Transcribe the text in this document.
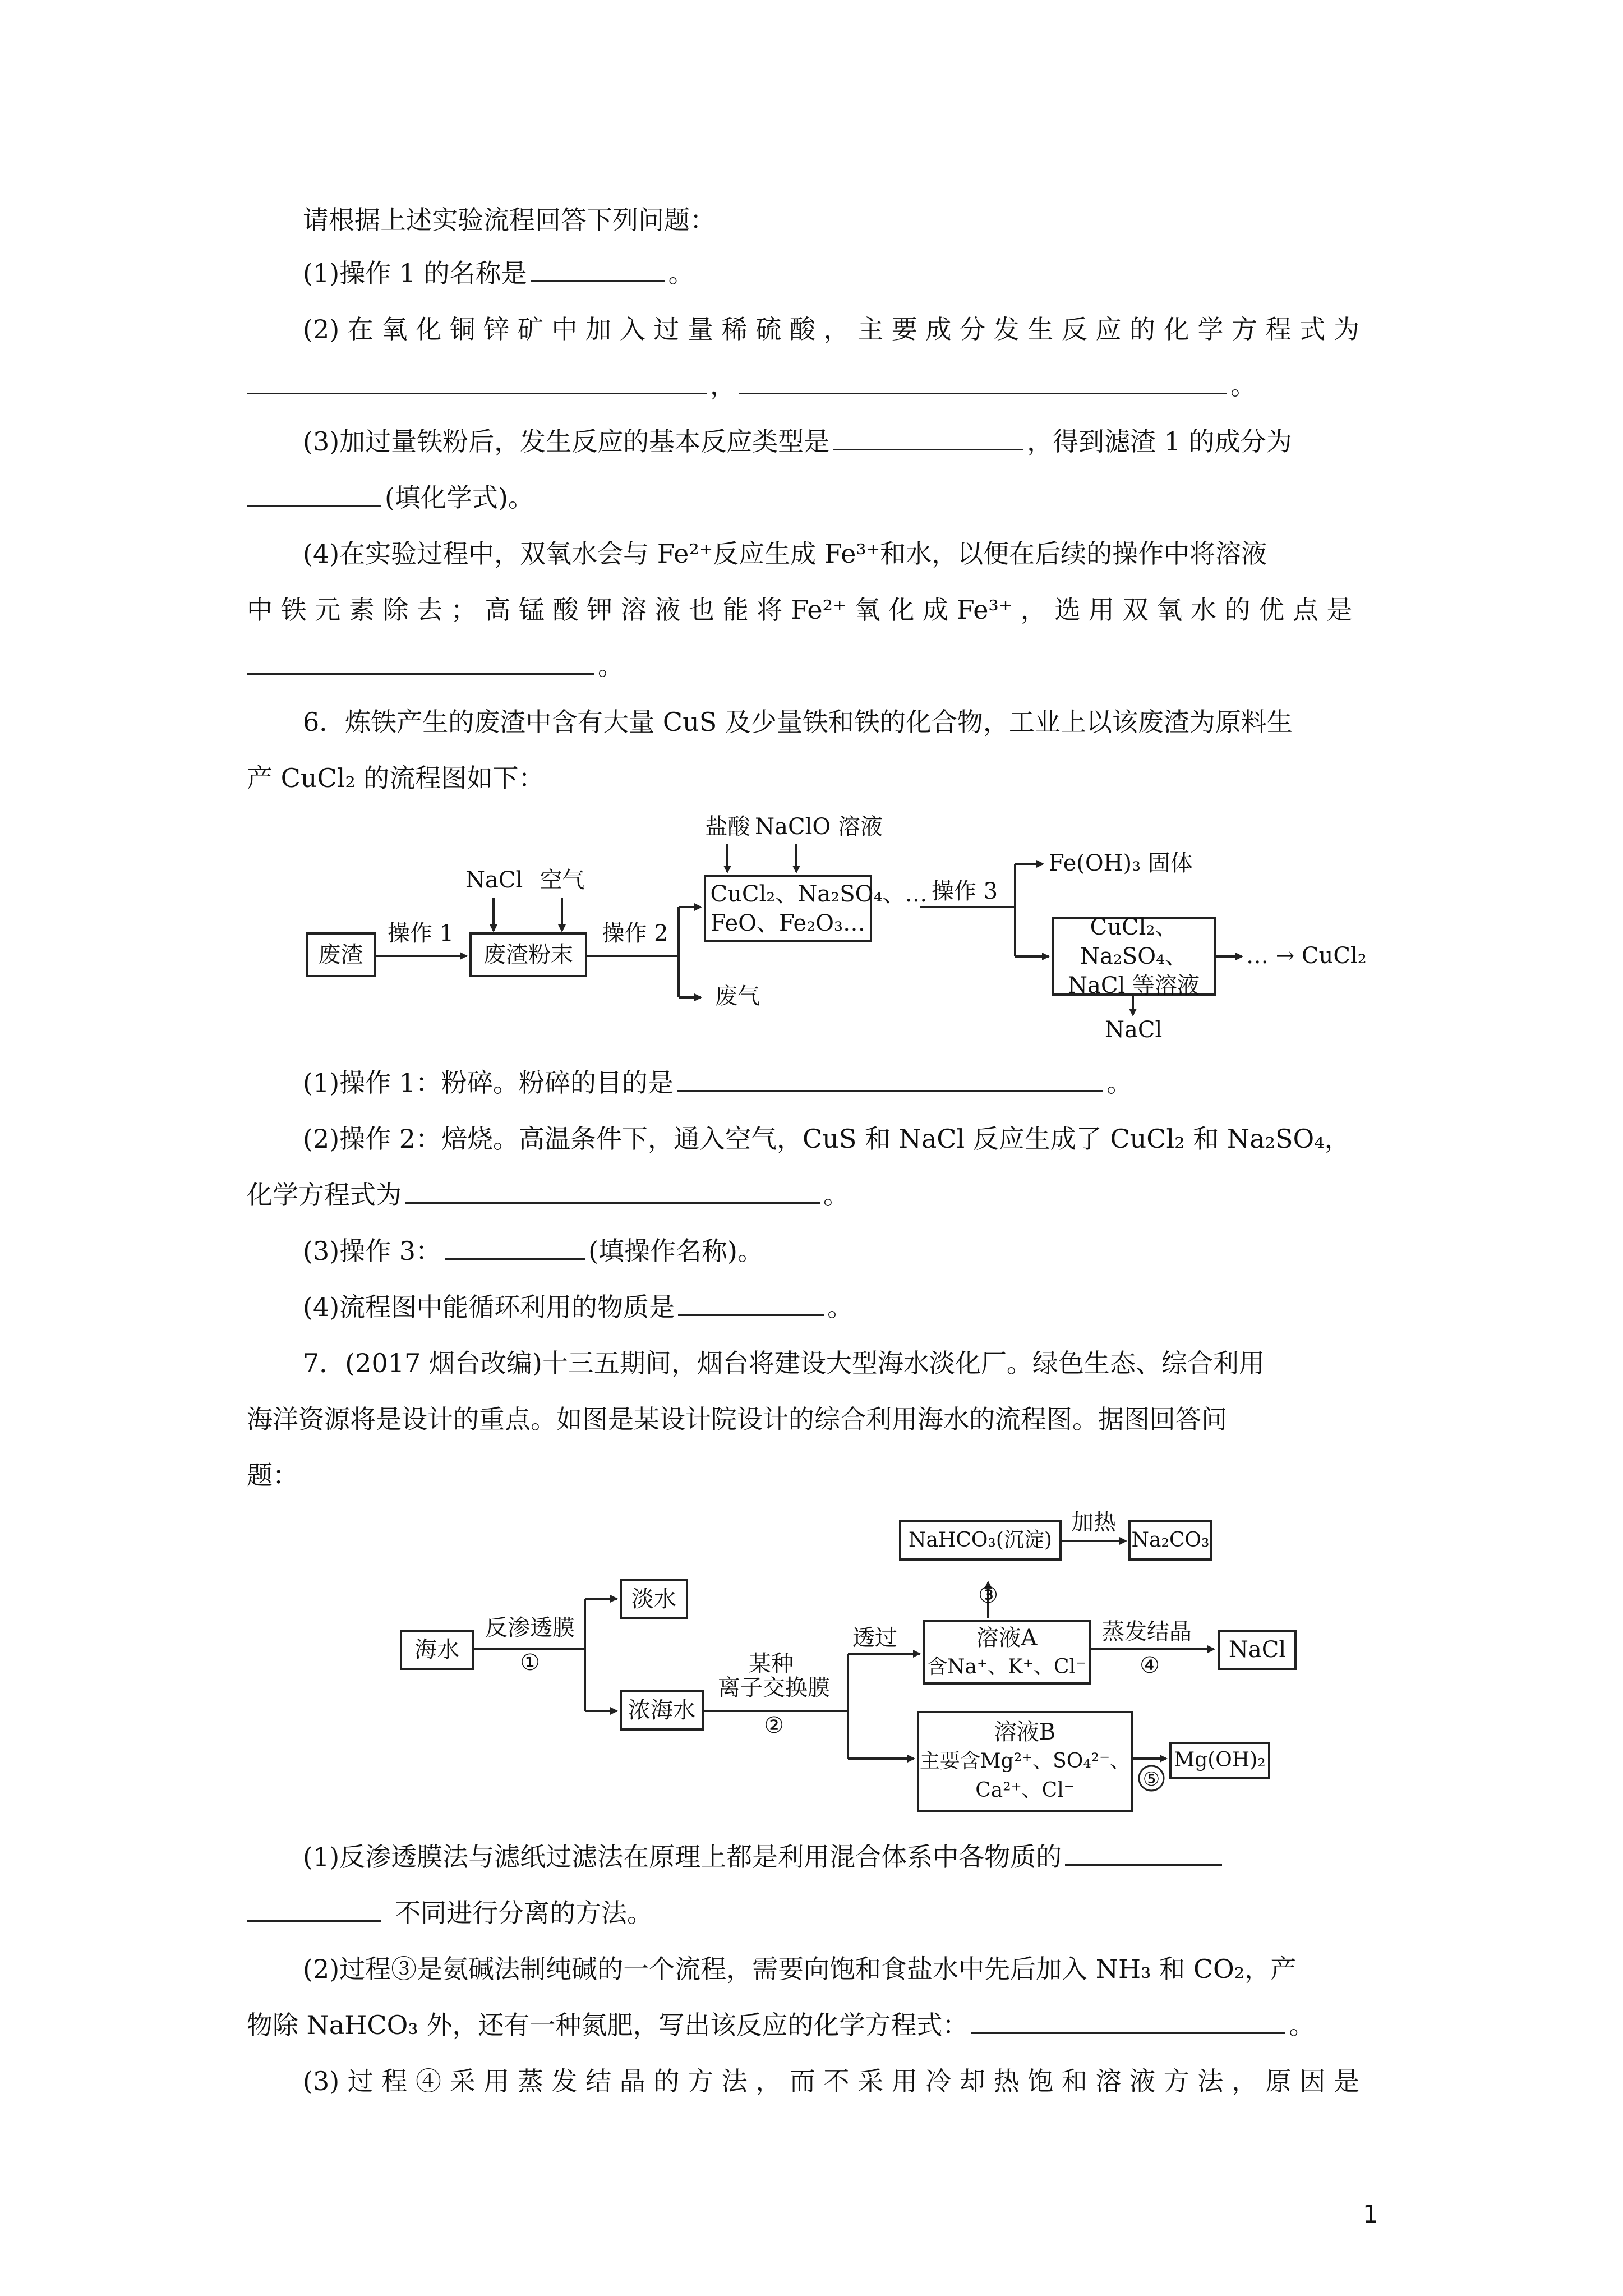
请根据上述实验流程回答下列问题：
(1)操作 1 的名称是	。
(2) 在 氧 化 铜 锌 矿 中 加 入 过 量 稀 硫 酸 ， 主 要 成 分 发 生 反 应 的 化 学 方 程 式 为
，	。
(3)加过量铁粉后，发生反应的基本反应类型是	，得到滤渣 1 的成分为
(填化学式)。
(4)在实验过程中，双氧水会与 Fe²⁺反应生成 Fe³⁺和水，以便在后续的操作中将溶液
中 铁 元 素 除 去 ； 高 锰 酸 钾 溶 液 也 能 将 Fe²⁺ 氧 化 成 Fe³⁺ ， 选 用 双 氧 水 的 优 点 是
。
6．炼铁产生的废渣中含有大量 CuS 及少量铁和铁的化合物，工业上以该废渣为原料生
产 CuCl₂ 的流程图如下：
废渣
操作 1
NaCl 空气
废渣粉末
操作 2
盐酸 NaClO 溶液
CuCl₂、Na₂SO₄、…
FeO、Fe₂O₃…
废气
操作 3
Fe(OH)₃ 固体
CuCl₂、Na₂SO₄、
NaCl 等溶液
… → CuCl₂
NaCl
(1)操作 1：粉碎。粉碎的目的是	。
(2)操作 2：焙烧。高温条件下，通入空气，CuS 和 NaCl 反应生成了 CuCl₂ 和 Na₂SO₄，
化学方程式为	。
(3)操作 3：	(填操作名称)。
(4)流程图中能循环利用的物质是	。
7．(2017 烟台改编)十三五期间，烟台将建设大型海水淡化厂。绿色生态、综合利用
海洋资源将是设计的重点。如图是某设计院设计的综合利用海水的流程图。据图回答问
题：
海水
反渗透膜
①
淡水
浓海水
某种
离子交换膜
②
透过
NaHCO₃(沉淀)
加热
Na₂CO₃
③
溶液A
含Na⁺、K⁺、Cl⁻
蒸发结晶
④
NaCl
溶液B
主要含Mg²⁺、SO₄²⁻、
Ca²⁺、Cl⁻	⑤
Mg(OH)₂
(1)反渗透膜法与滤纸过滤法在原理上都是利用混合体系中各物质的
不同进行分离的方法。
(2)过程③是氨碱法制纯碱的一个流程，需要向饱和食盐水中先后加入 NH₃ 和 CO₂，产
物除 NaHCO₃ 外，还有一种氮肥，写出该反应的化学方程式：	。
(3) 过 程 ④ 采 用 蒸 发 结 晶 的 方 法 ， 而 不 采 用 冷 却 热 饱 和 溶 液 方 法 ， 原 因 是
1
